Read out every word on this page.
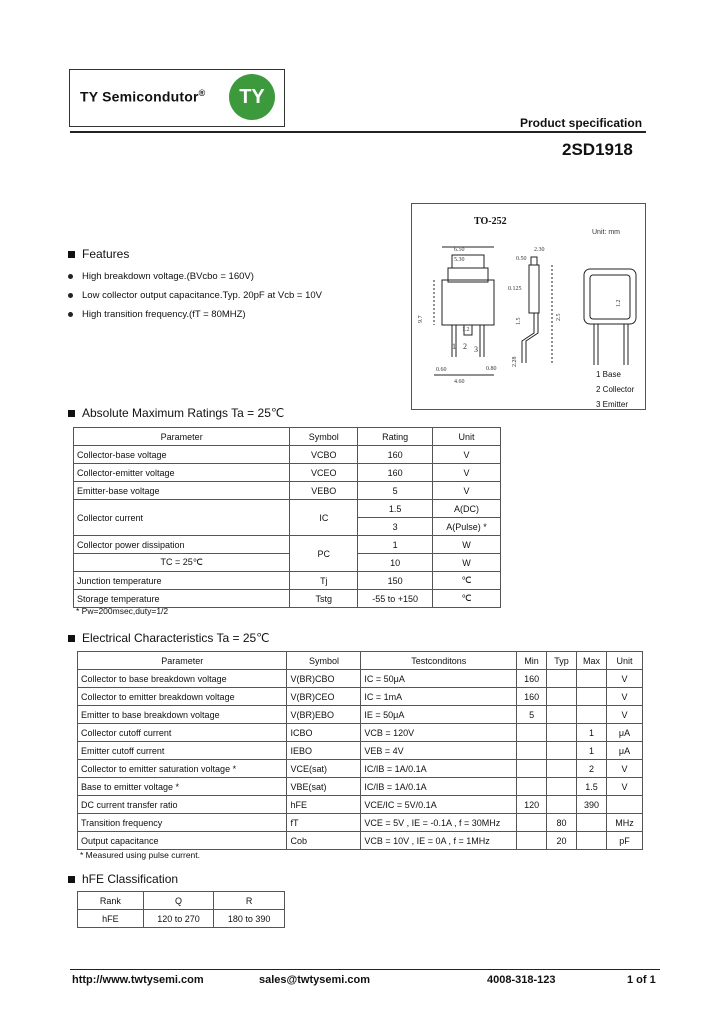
TY Semicondutor®	TY
Product specification
2SD1918
TO-252
Unit: mm
6.50
5.30
2.30
0.50
9.7
0.125
1.2
0.80
2.28
4.60
0.60
1.5
1.2
2.5
1 2 3
1 Base
2 Collector
3 Emitter
Features
High breakdown voltage.(BVcbo = 160V)
Low collector output capacitance.Typ. 20pF at Vcb = 10V
High transition frequency.(fT = 80MHZ)
Absolute Maximum Ratings Ta = 25℃
Parameter	Symbol	Rating	Unit
Collector-base voltage	VCBO	160	V
Collector-emitter voltage	VCEO	160	V
Emitter-base voltage	VEBO	5	V
Collector current	IC	1.5	A(DC)
		3	A(Pulse) *
Collector power dissipation	PC	1	W
TC = 25℃		10	W
Junction temperature	Tj	150	℃
Storage temperature	Tstg	-55 to +150	℃
* Pw=200msec,duty=1/2
Electrical Characteristics Ta = 25℃
Parameter	Symbol	Testconditons	Min	Typ	Max	Unit
Collector to base breakdown voltage	V(BR)CBO	IC = 50μA	160			V
Collector to emitter breakdown voltage	V(BR)CEO	IC = 1mA	160			V
Emitter to base breakdown voltage	V(BR)EBO	IE = 50μA	5			V
Collector cutoff current	ICBO	VCB = 120V			1	μA
Emitter cutoff current	IEBO	VEB = 4V			1	μA
Collector to emitter saturation voltage *	VCE(sat)	IC/IB = 1A/0.1A			2	V
Base to emitter voltage *	VBE(sat)	IC/IB = 1A/0.1A			1.5	V
DC current transfer ratio	hFE	VCE/IC = 5V/0.1A	120		390	
Transition frequency	fT	VCE = 5V , IE = -0.1A , f = 30MHz		80		MHz
Output capacitance	Cob	VCB = 10V , IE = 0A , f = 1MHz		20		pF
* Measured using pulse current.
hFE Classification
Rank	Q	R
hFE	120 to 270	180 to 390
http://www.twtysemi.com	sales@twtysemi.com	4008-318-123	1 of 1
